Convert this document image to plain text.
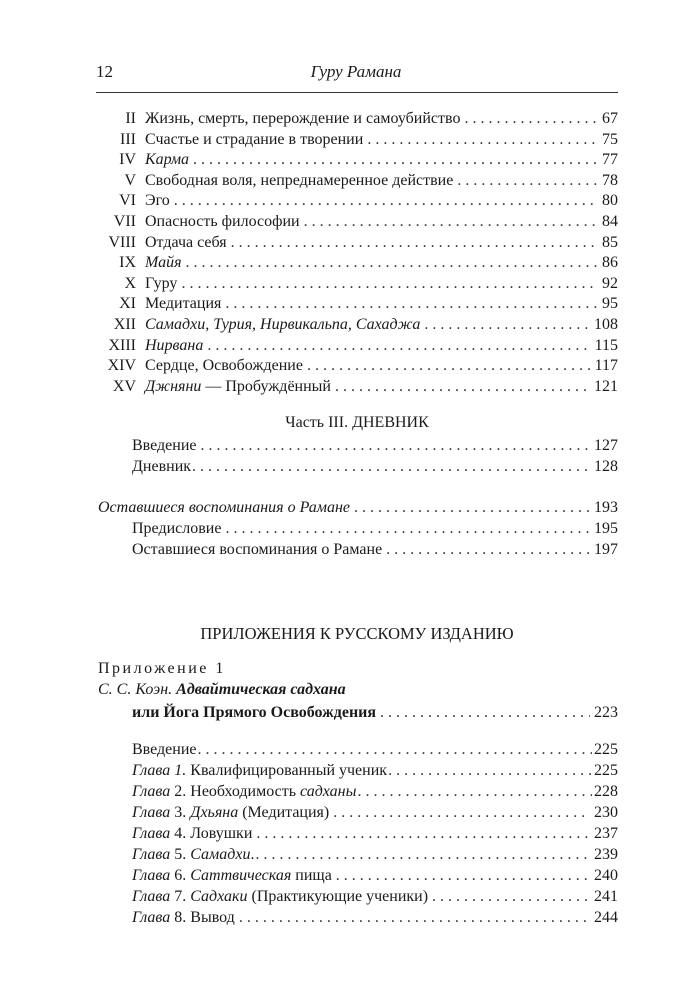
12	Гуру Рамана
II Жизнь, смерть, перерождение и самоубийство . . .	67
III Счастье и страдание в творении . . .	75
IV Карма . . .	77
V Свободная воля, непреднамеренное действие . . .	78
VI Эго . . .	80
VII Опасность философии . . .	84
VIII Отдача себя . . .	85
IX Майя . . .	86
X Гуру . . .	92
XI Медитация . . .	95
XII Самадхи, Турия, Нирвикальпа, Сахаджа . . .	108
XIII Нирвана . . .	115
XIV Сердце, Освобождение . . .	117
XV Джняни — Пробуждённый . . .	121
Часть III. ДНЕВНИК
Введение . . .	127
Дневник . . .	128
Оставшиеся воспоминания о Рамане . . .	193
Предисловие . . .	195
Оставшиеся воспоминания о Рамане . . .	197
ПРИЛОЖЕНИЯ К РУССКОМУ ИЗДАНИЮ
Приложение 1
С. С. Коэн. Адвайтическая садхана
или Йога Прямого Освобождения . . .	223
Введение . . .	225
Глава 1. Квалифицированный ученик . . .	225
Глава 2. Необходимость садханы . . .	228
Глава 3. Дхьяна (Медитация) . . .	230
Глава 4. Ловушки . . .	237
Глава 5. Самадхи. . . .	239
Глава 6. Саттвическая пища . . .	240
Глава 7. Садхаки (Практикующие ученики) . . .	241
Глава 8. Вывод . . .	244
